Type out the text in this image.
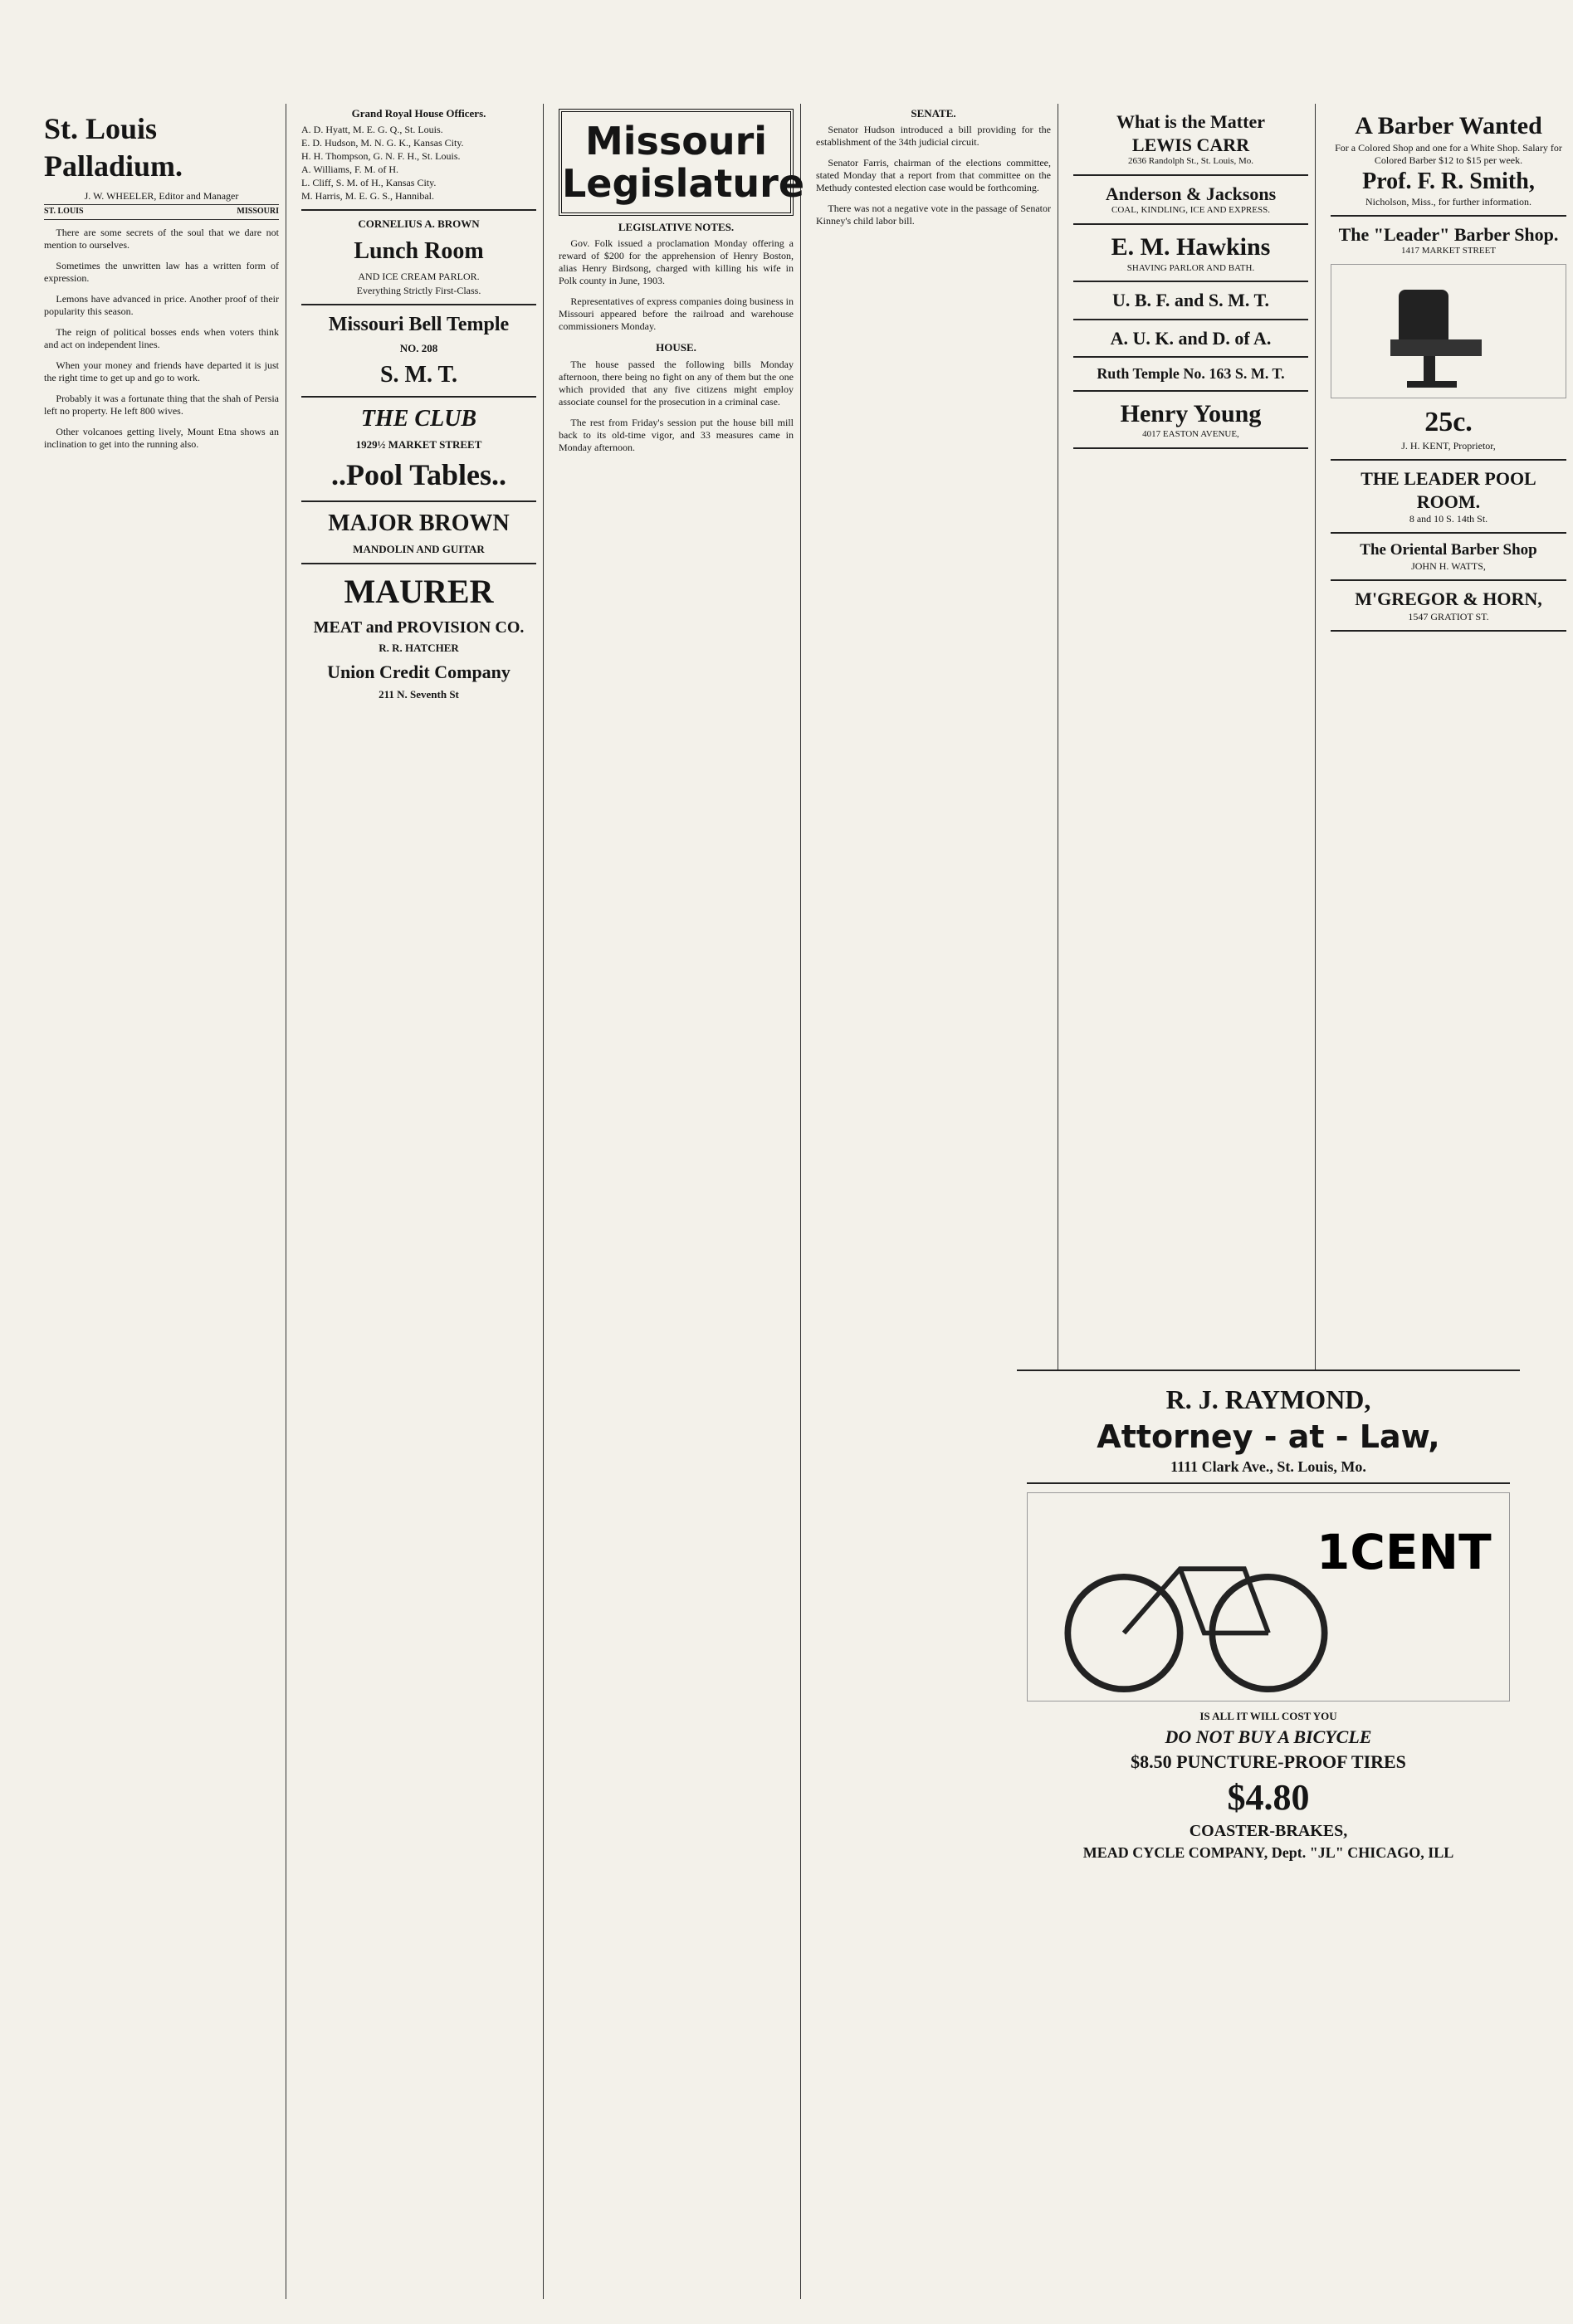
St. Louis Palladium.
J. W. WHEELER, Editor and Manager
ST. LOUIS	MISSOURI

There are some secrets of the soul that we dare not mention to ourselves.

Sometimes the unwritten law has a written form of expression.

Lemons have advanced in price. Another proof of their popularity this season.

The reign of political bosses ends when voters think and act on independent lines.

When your money and friends have departed it is just the right time to get up and go to work.

Probably it was a fortunate thing that the shah of Persia left no property. He left 800 wives.

Other volcanoes getting lively, Mount Etna shows an inclination to get into the running also.

Grand Royal House Officers.
A. D. Hyatt, M. E. G. Q., St. Louis.
E. D. Hudson, M. N. G. K., Kansas City.
H. H. Thompson, G. N. F. H., St. Louis.
A. Williams, F. M. of H.
L. Cliff, S. M. of H., Kansas City.
M. Harris, M. E. G. S., Hannibal.
CORNELIUS A. BROWN
Lunch Room
AND ICE CREAM PARLOR.
Everything Strictly First-Class.
Missouri Bell Temple
NO. 208
S. M. T.
THE CLUB
1929½ MARKET STREET
..Pool Tables..
MAJOR BROWN
MANDOLIN AND GUITAR
MAURER
MEAT and PROVISION CO.
R. R. HATCHER
Union Credit Company
211 N. Seventh St
Missouri
Legislature
LEGISLATIVE NOTES.

Gov. Folk issued a proclamation Monday offering a reward of $200 for the apprehension of Henry Boston, alias Henry Birdsong, charged with killing his wife in Polk county in June, 1903.

Representatives of express companies doing business in Missouri appeared before the railroad and warehouse commissioners Monday.

HOUSE.

The house passed the following bills Monday afternoon, there being no fight on any of them but the one which provided that any five citizens might employ associate counsel for the prosecution in a criminal case.

The rest from Friday's session put the house bill mill back to its old-time vigor, and 33 measures came in Monday afternoon.

SENATE.

Senator Hudson introduced a bill providing for the establishment of the 34th judicial circuit.

Senator Farris, chairman of the elections committee, stated Monday that a report from that committee on the Methudy contested election case would be forthcoming.

There was not a negative vote in the passage of Senator Kinney's child labor bill.

What is the Matter
LEWIS CARR
2636 Randolph St., St. Louis, Mo.
Anderson & Jacksons
COAL, KINDLING, ICE AND EXPRESS.
E. M. Hawkins
SHAVING PARLOR AND BATH.
U. B. F. and S. M. T.
A. U. K. and D. of A.
Ruth Temple No. 163 S. M. T.
Henry Young
4017 EASTON AVENUE,
A Barber Wanted
For a Colored Shop and one for a White Shop. Salary for Colored Barber $12 to $15 per week.
Prof. F. R. Smith,
Nicholson, Miss., for further information.
The "Leader" Barber Shop.
1417 MARKET STREET
25c.
J. H. KENT, Proprietor,
THE LEADER POOL ROOM.
8 and 10 S. 14th St.
The Oriental Barber Shop
JOHN H. WATTS,
M'GREGOR & HORN,
1547 GRATIOT ST.
R. J. RAYMOND,
Attorney - at - Law,
1111 Clark Ave., St. Louis, Mo.
1CENT
IS ALL IT WILL COST YOU
DO NOT BUY A BICYCLE
$8.50 PUNCTURE-PROOF TIRES
$4.80
COASTER-BRAKES,
MEAD CYCLE COMPANY, Dept. "JL" CHICAGO, ILL
